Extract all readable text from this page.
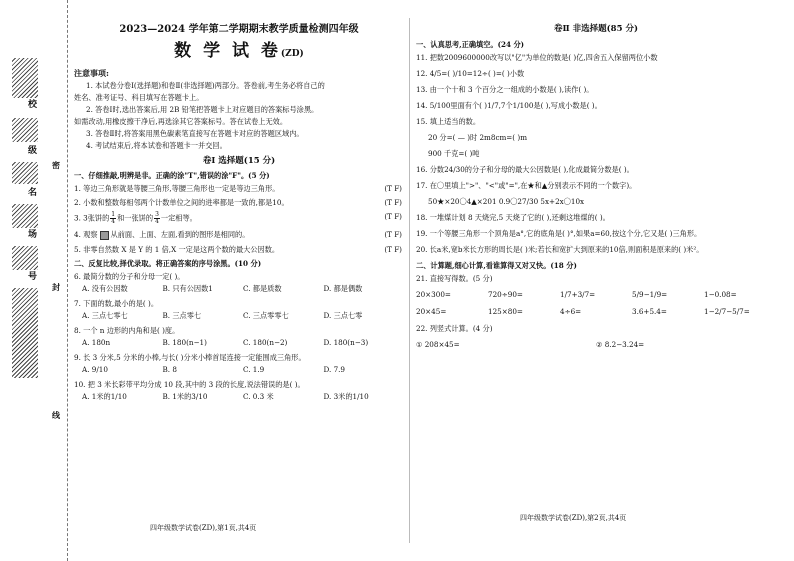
校
级
名
场
号
密
封
线
2023—2024 学年第二学期期末教学质量检测四年级
数 学 试 卷(ZD)
注意事项:
1. 本试卷分卷Ⅰ(选择题)和卷Ⅱ(非选择题)两部分。答卷前,考生务必将自己的
姓名、准考证号、科目填写在答题卡上。
2. 答卷Ⅰ时,选出答案后,用 2B 铅笔把答题卡上对应题目的答案标号涂黑。
如需改动,用橡皮擦干净后,再选涂其它答案标号。答在试卷上无效。
3. 答卷Ⅱ时,将答案用黑色碳素笔直接写在答题卡对应的答题区域内。
4. 考试结束后,将本试卷和答题卡一并交回。
卷Ⅰ 选择题(15 分)
一、仔细推敲,明辨是非。正确的涂"T",错误的涂"F"。(5 分)
1. 等边三角形就是等腰三角形,等腰三角形也一定是等边三角形。	(T F)
2. 小数和整数每相邻两个计数单位之间的进率都是一致的,都是10。	(T F)
3. 3张饼的 $\frac{1}{4}$ 和一张饼的 $\frac{3}{4}$ 一定相等。	(T F)
4. 观察 从前面、上面、左面,看到的图形是相同的。	(T F)
5. 非零自然数 X 是 Y 的 1 倍,X 一定是这两个数的最大公因数。	(T F)
二、反复比较,择优录取。将正确答案的序号涂黑。(10 分)
6. 最简分数的分子和分母一定( )。
A. 没有公因数	B. 只有公因数1	C. 都是质数	D. 都是偶数
7. 下面的数,最小的是( )。
A. 三点七零七	B. 三点零七	C. 三点零零七	D. 三点七零
8. 一个 n 边形的内角和是( )度。
A. 180n	B. 180(n−1)	C. 180(n−2)	D. 180(n−3)
9. 长 3 分米,5 分米的小棒,与长( )分米小棒首尾连接一定能围成三角形。
A. 9/10	B. 8	C. 1.9	D. 7.9
10. 把 3 米长彩带平均分成 10 段,其中的 3 段的长度,说法错误的是( )。
A. 1米的1/10	B. 1米的3/10	C. 0.3 米	D. 3米的1/10
四年级数学试卷(ZD),第1页,共4页
卷Ⅱ 非选择题(85 分)
一、认真思考,正确填空。(24 分)
11. 把数2009600000改写以"亿"为单位的数是( )亿,四舍五入保留两位小数
12. 4/5=( )/10=12÷( )=( )小数
13. 由一个十和 3 个百分之一组成的小数是( ),读作( )。
14. 5/100里面有个( )1/7,7个1/100是( ),写成小数是( )。
15. 填上适当的数。
20 分=( — )时 2m8cm=( )m
900 千克=( )吨
16. 分数24/30的分子和分母的最大公因数是( ),化成最简分数是( )。
17. 在〇里填上">"、"<"或"=",在★和▲分别表示不同的一个数字)。
50★×20〇4▲×201 0.9〇27/30 5x+2x〇10x
18. 一堆煤计划 8 天烧完,5 天烧了它的( ),还剩这堆煤的( )。
19. 一个等腰三角形一个顶角是a°,它的底角是( )°,如果a=60,按这个分,它又是( )三角形。
20. 长a米,宽b米长方形的周长是( )米;若长和宽扩大到原来的10倍,则面积是原来的( )米²。
二、计算题,细心计算,看谁算得又对又快。(18 分)
21. 直接写得数。(5 分)
20×300=	720÷90=	1/7+3/7=	5/9−1/9=	1−0.08=
20×45=	125×80=	4÷6=	3.6+5.4=	1−2/7−5/7=
22. 列竖式计算。(4 分)
① 208×45=	② 8.2−3.24=
四年级数学试卷(ZD),第2页,共4页
